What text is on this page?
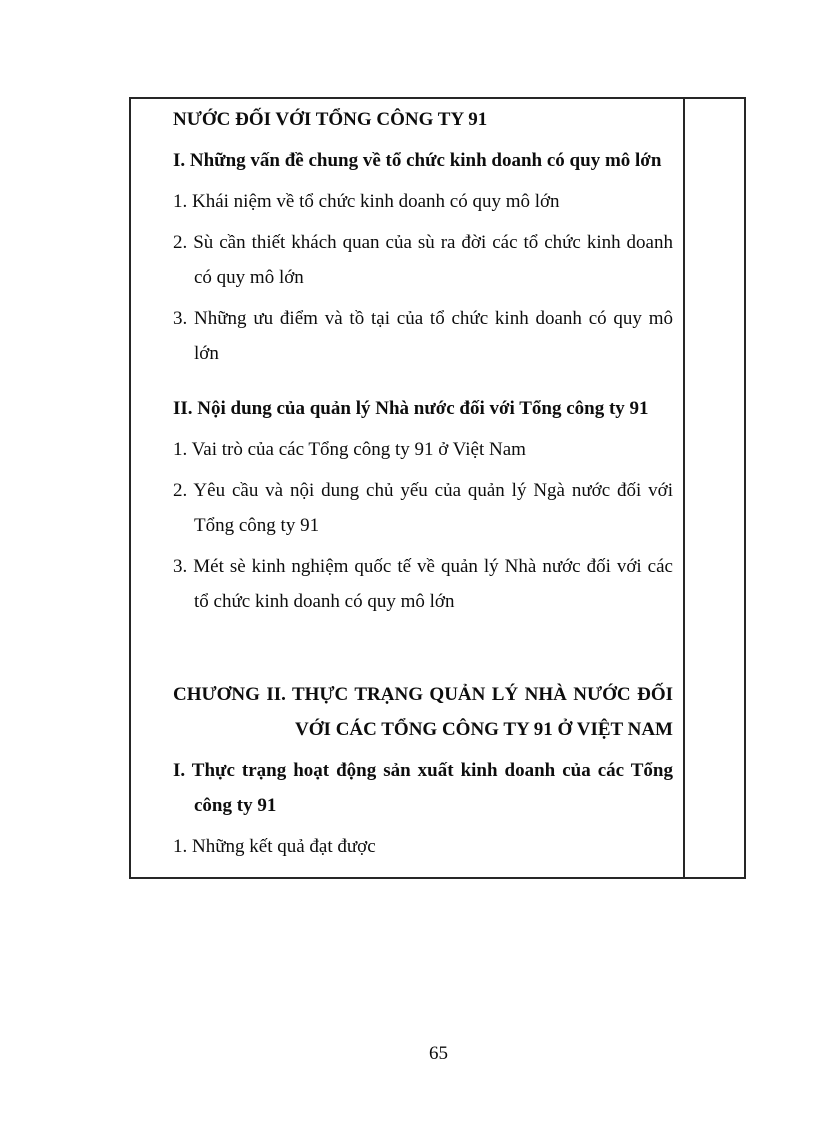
NƯỚC ĐỐI VỚI TỔNG CÔNG TY 91

I. Những vấn đề chung về tổ chức kinh doanh có quy mô lớn

1. Khái niệm về tổ chức kinh doanh có quy mô lớn

2. Sù cần thiết khách quan của sù ra đời các tổ chức kinh doanh có quy mô lớn

3. Những ưu điểm và tồ tại của tổ chức kinh doanh có quy mô lớn

II. Nội dung của quản lý Nhà nước đối với Tổng công ty 91

1. Vai trò của các Tổng công ty 91 ở Việt Nam

2. Yêu cầu và nội dung chủ yếu của quản lý Ngà nước đối với Tổng công ty 91

3. Mét sè kinh nghiệm quốc tế về quản lý Nhà nước đối với các tổ chức kinh doanh có quy mô lớn

CHƯƠNG II. THỰC TRẠNG QUẢN LÝ NHÀ NƯỚC ĐỐI

VỚI CÁC TỔNG CÔNG TY 91 Ở VIỆT NAM

I. Thực trạng hoạt động sản xuất kinh doanh của các Tổng công ty 91

1. Những kết quả đạt được

65
